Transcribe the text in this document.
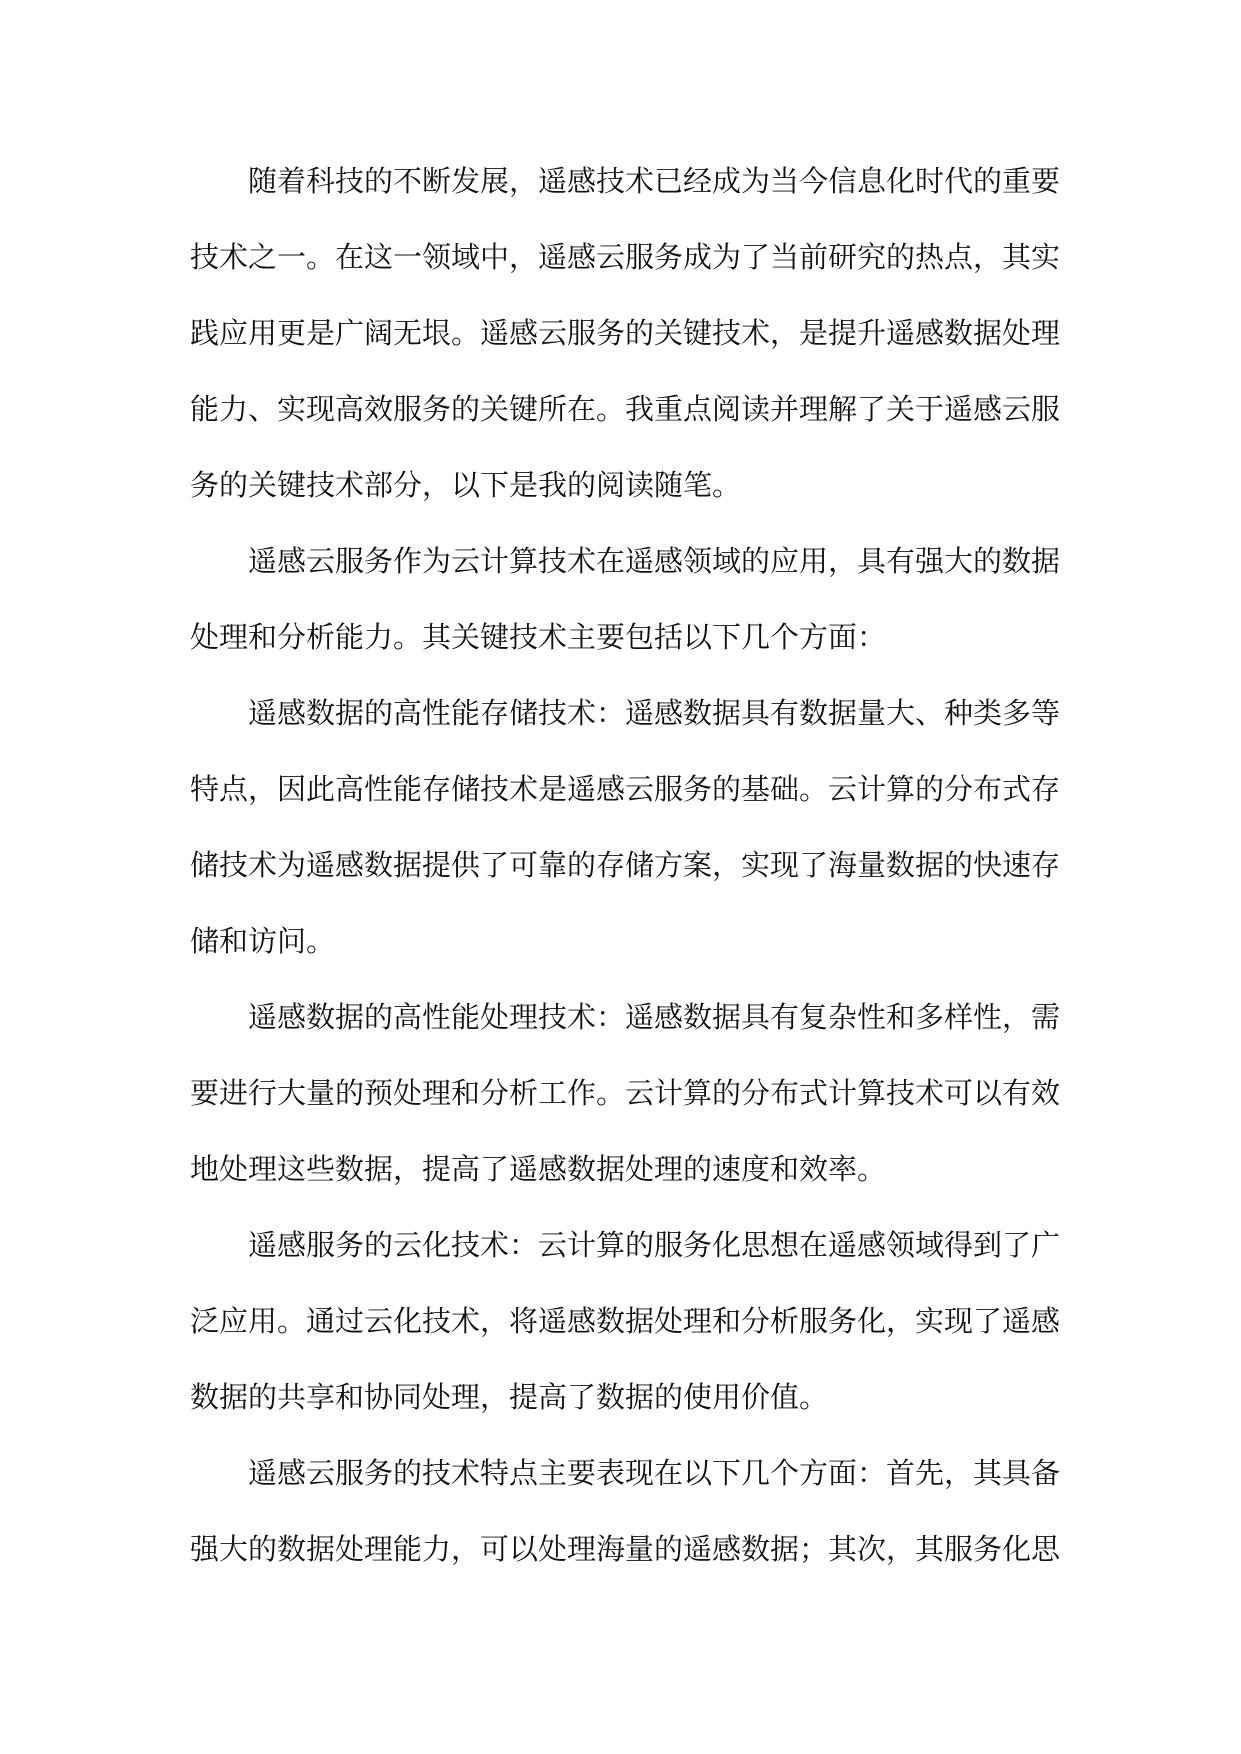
随着科技的不断发展，遥感技术已经成为当今信息化时代的重要技术之一。在这一领域中，遥感云服务成为了当前研究的热点，其实践应用更是广阔无垠。遥感云服务的关键技术，是提升遥感数据处理能力、实现高效服务的关键所在。我重点阅读并理解了关于遥感云服务的关键技术部分，以下是我的阅读随笔。

遥感云服务作为云计算技术在遥感领域的应用，具有强大的数据处理和分析能力。其关键技术主要包括以下几个方面：

遥感数据的高性能存储技术：遥感数据具有数据量大、种类多等特点，因此高性能存储技术是遥感云服务的基础。云计算的分布式存储技术为遥感数据提供了可靠的存储方案，实现了海量数据的快速存储和访问。

遥感数据的高性能处理技术：遥感数据具有复杂性和多样性，需要进行大量的预处理和分析工作。云计算的分布式计算技术可以有效地处理这些数据，提高了遥感数据处理的速度和效率。

遥感服务的云化技术：云计算的服务化思想在遥感领域得到了广泛应用。通过云化技术，将遥感数据处理和分析服务化，实现了遥感数据的共享和协同处理，提高了数据的使用价值。

遥感云服务的技术特点主要表现在以下几个方面：首先，其具备强大的数据处理能力，可以处理海量的遥感数据；其次，其服务化思
